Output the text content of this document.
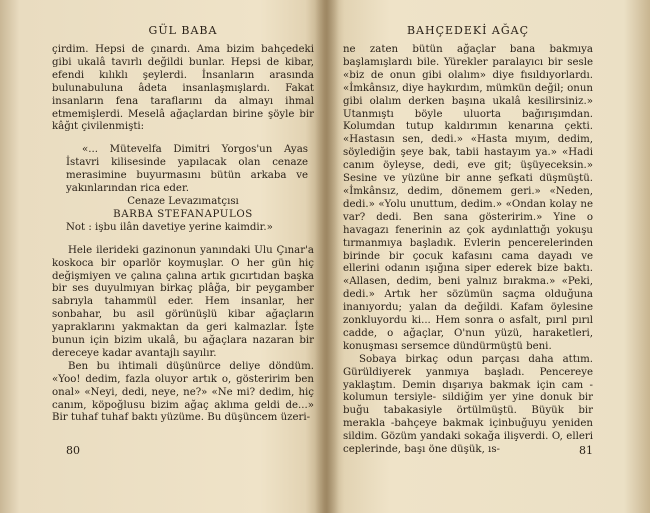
GÜL BABA

çirdim. Hepsi de çınardı. Ama bizim bahçedeki gibi ukalâ tavırlı değildi bunlar. Hepsi de kibar, efendi kılıklı şeylerdi. İnsanların arasında bulunabuluna âdeta insanlaşmışlardı. Fakat insanların fena taraflarını da almayı ihmal etmemişlerdi. Meselâ ağaçlardan birine şöyle bir kâğıt çivilenmişti:

«... Mütevelfa Dimitri Yorgos'un Ayas İstavri kilisesinde yapılacak olan cenaze merasimine buyurmasını bütün arkaba ve yakınlarından rica eder.

Cenaze Levazımatçısı

BARBA STEFANAPULOS

Not : işbu ilân davetiye yerine kaimdir.»

Hele ilerideki gazinonun yanındaki Ulu Çınar'a koskoca bir oparlör koymuşlar. O her gün hiç değişmiyen ve çalına çalına artık gıcırtıdan başka bir ses duyulmıyan birkaç plâğa, bir peygamber sabrıyla tahammül eder. Hem insanlar, her sonbahar, bu asil görünüşlü kibar ağaçların yapraklarını yakmaktan da geri kalmazlar. İşte bunun için bizim ukalâ, bu ağaçlara nazaran bir dereceye kadar avantajlı sayılır.

Ben bu ihtimali düşünürce deliye döndüm. «Yoo! dedim, fazla oluyor artık o, gösteririm ben onal» «Neyi, dedi, neye, ne?» «Ne mi? dedim, hiç canım, köpoğlusu bizim ağaç aklıma geldi de...» Bir tuhaf tuhaf baktı yüzüme. Bu düşüncem üzeri-

80
BAHÇEDEKİ AĞAÇ

ne zaten bütün ağaçlar bana bakmıya başlamışlardı bile. Yürekler paralayıcı bir sesle «biz de onun gibi olalım» diye fısıldıyorlardı. «İmkânsız, diye haykırdım, mümkün değil; onun gibi olalım derken başına ukalâ kesilirsiniz.» Utanmıştı böyle uluorta bağırışımdan. Kolumdan tutup kaldırımın kenarına çekti. «Hastasın sen, dedi.» «Hasta mıyım, dedim, söylediğin şeye bak, tabii hastayım ya.» «Hadi canım öyleyse, dedi, eve git; üşüyeceksin.» Sesine ve yüzüne bir anne şefkati düşmüştü. «İmkânsız, dedim, dönemem geri.» «Neden, dedi.» «Yolu unuttum, dedim.» «Ondan kolay ne var? dedi. Ben sana gösteririm.» Yine o havagazı fenerinin az çok aydınlattığı yokuşu tırmanmıya başladık. Evlerin pencerelerinden birinde bir çocuk kafasını cama dayadı ve ellerini odanın ışığına siper ederek bize baktı. «Allasen, dedim, beni yalnız bırakma.» «Peki, dedi.» Artık her sözümün saçma olduğuna inanıyordu; yalan da değildi. Kafam öylesine zonkluyordu ki... Hem sonra o asfalt, pırıl pırıl cadde, o ağaçlar, O'nun yüzü, haraketleri, konuşması sersemce dündürmüştü beni.

Sobaya birkaç odun parçası daha attım. Gürüldiyerek yanmıya başladı. Pencereye yaklaştım. Demin dışarıya bakmak için cam -kolumun tersiyle- sildiğim yer yine donuk bir buğu tabakasiyle örtülmüştü. Büyük bir merakla -bahçeye bakmak içinbuğuyu yeniden sildim. Gözüm yandaki sokağa ilişverdi. O, elleri ceplerinde, başı öne düşük, ıs-	81
